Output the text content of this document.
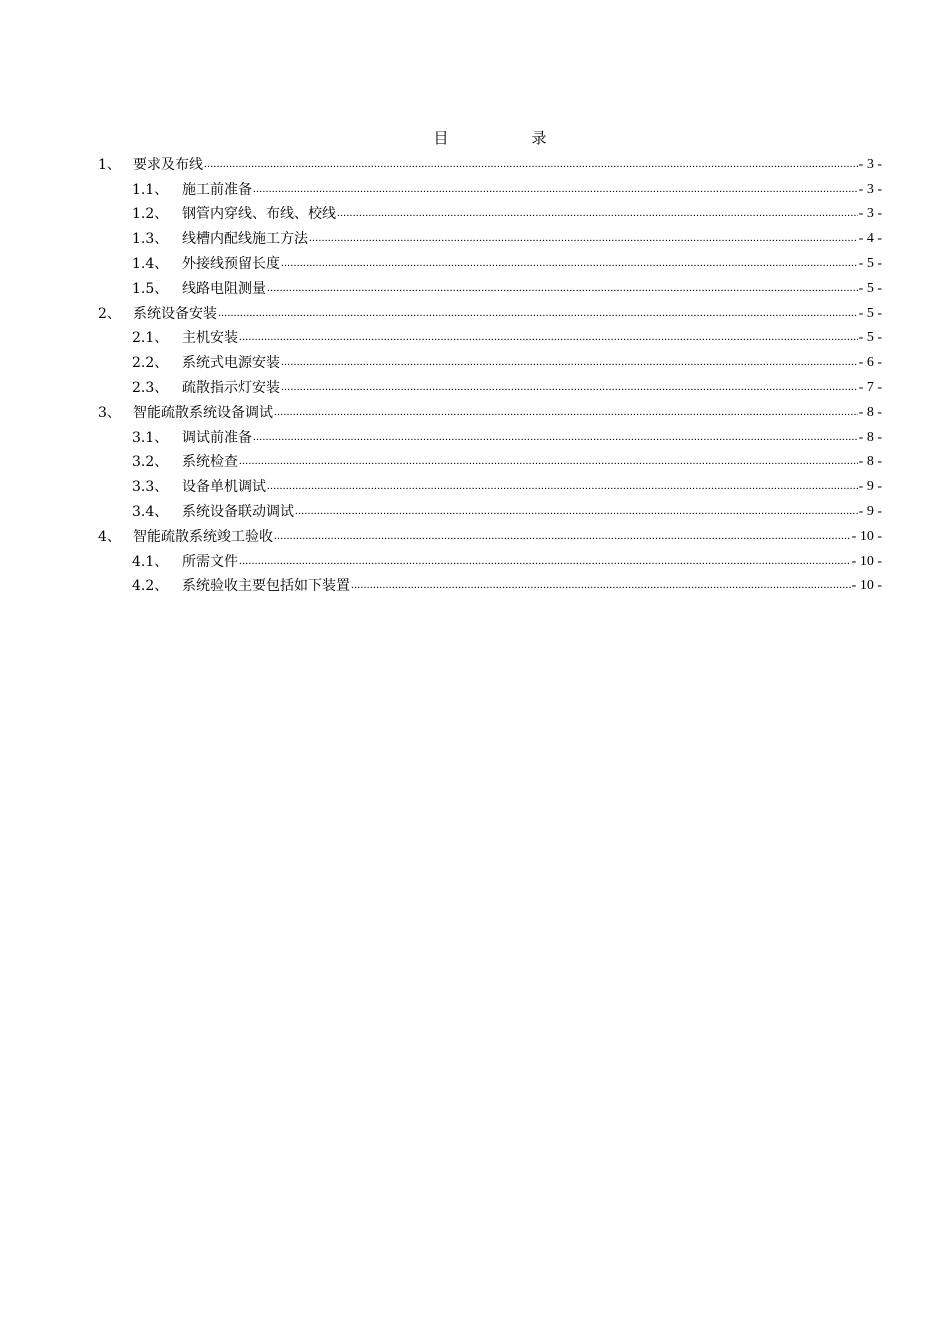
目    录
1、 要求及布线 .....	- 3 -
1.1、 施工前准备 .....	- 3 -
1.2、 钢管内穿线、布线、校线 .....	- 3 -
1.3、 线槽内配线施工方法 .....	- 4 -
1.4、 外接线预留长度 .....	- 5 -
1.5、 线路电阻测量 .....	- 5 -
2、 系统设备安装 .....	- 5 -
2.1、 主机安装 .....	- 5 -
2.2、 系统式电源安装 .....	- 6 -
2.3、 疏散指示灯安装 .....	- 7 -
3、 智能疏散系统设备调试 .....	- 8 -
3.1、 调试前准备 .....	- 8 -
3.2、 系统检查 .....	- 8 -
3.3、 设备单机调试 .....	- 9 -
3.4、 系统设备联动调试 .....	- 9 -
4、 智能疏散系统竣工验收 .....	- 10 -
4.1、 所需文件 .....	- 10 -
4.2、 系统验收主要包括如下装置 .....	- 10 -
